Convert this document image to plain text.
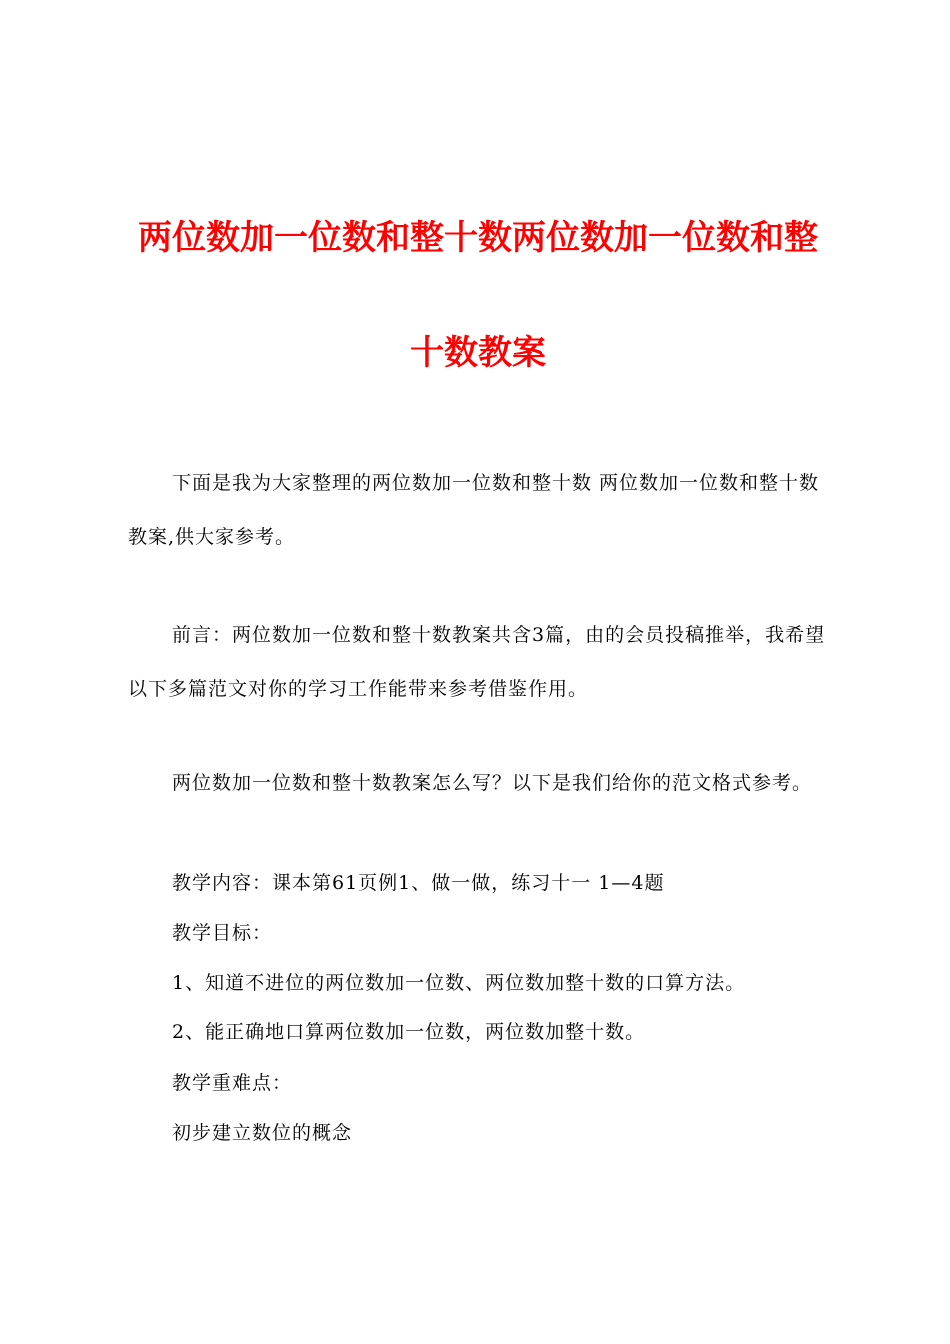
两位数加一位数和整十数两位数加一位数和整
十数教案

下面是我为大家整理的两位数加一位数和整十数 两位数加一位数和整十数教案,供大家参考。

前言：两位数加一位数和整十数教案共含3篇，由的会员投稿推举，我希望以下多篇范文对你的学习工作能带来参考借鉴作用。

两位数加一位数和整十数教案怎么写？以下是我们给你的范文格式参考。

教学内容：课本第61页例1、做一做，练习十一 1—4题

教学目标：

1、知道不进位的两位数加一位数、两位数加整十数的口算方法。

2、能正确地口算两位数加一位数，两位数加整十数。

教学重难点：

初步建立数位的概念
